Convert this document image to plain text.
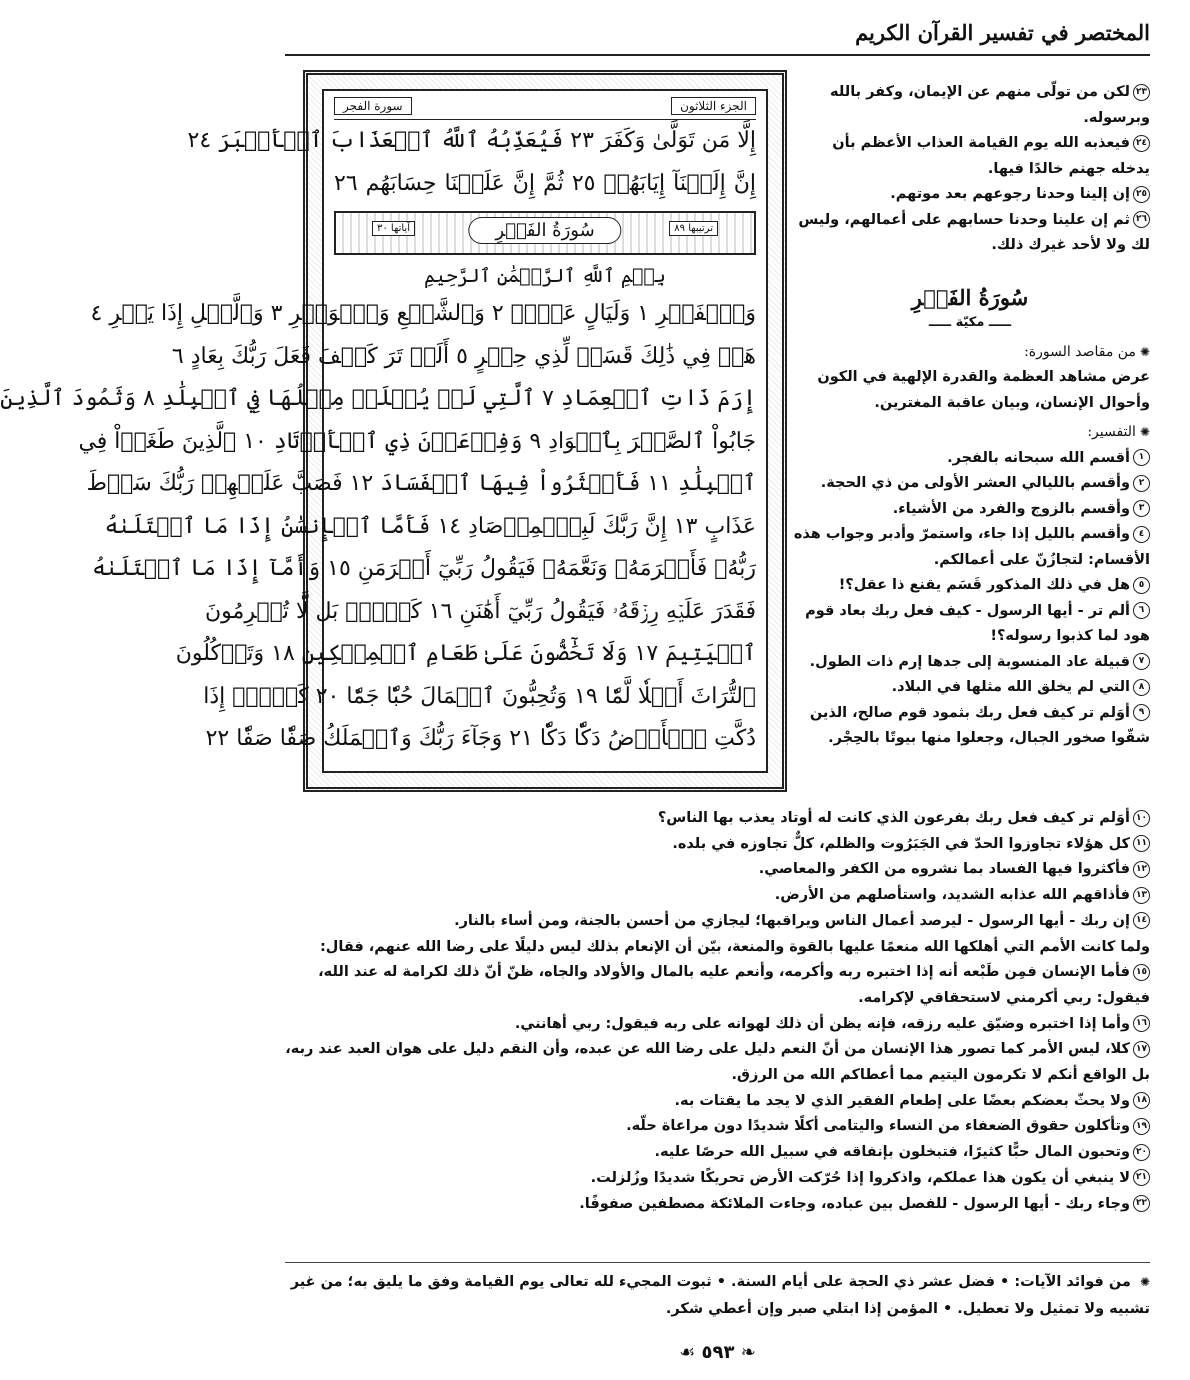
المختصر في تفسير القرآن الكريم
الجزء الثلاثون
سورة الفجر
إِلَّا مَن تَوَلَّىٰ وَكَفَرَ ٢٣ فَيُعَذِّبُهُ ٱللَّهُ ٱلۡعَذَابَ ٱلۡأَكۡبَرَ ٢٤
إِنَّ إِلَيۡنَآ إِيَابَهُمۡ ٢٥ ثُمَّ إِنَّ عَلَيۡنَا حِسَابَهُم ٢٦
ترتيبها ٨٩
سُورَةُ الفَجۡرِ
آياتها ٣٠
بِسۡمِ ٱللَّهِ ٱلرَّحۡمَٰنِ ٱلرَّحِيمِ
وَٱلۡفَجۡرِ ١ وَلَيَالٍ عَشۡرٖ ٢ وَٱلشَّفۡعِ وَٱلۡوَتۡرِ ٣ وَٱلَّيۡلِ إِذَا يَسۡرِ ٤
هَلۡ فِي ذَٰلِكَ قَسَمٞ لِّذِي حِجۡرٍ ٥ أَلَمۡ تَرَ كَيۡفَ فَعَلَ رَبُّكَ بِعَادٍ ٦
إِرَمَ ذَاتِ ٱلۡعِمَادِ ٧ ٱلَّتِي لَمۡ يُخۡلَقۡ مِثۡلُهَا فِي ٱلۡبِلَٰدِ ٨ وَثَمُودَ ٱلَّذِينَ
جَابُواْ ٱلصَّخۡرَ بِٱلۡوَادِ ٩ وَفِرۡعَوۡنَ ذِي ٱلۡأَوۡتَادِ ١٠ ٱلَّذِينَ طَغَوۡاْ فِي
ٱلۡبِلَٰدِ ١١ فَأَكۡثَرُواْ فِيهَا ٱلۡفَسَادَ ١٢ فَصَبَّ عَلَيۡهِمۡ رَبُّكَ سَوۡطَ
عَذَابٍ ١٣ إِنَّ رَبَّكَ لَبِٱلۡمِرۡصَادِ ١٤ فَأَمَّا ٱلۡإِنسَٰنُ إِذَا مَا ٱبۡتَلَىٰهُ
رَبُّهُۥ فَأَكۡرَمَهُۥ وَنَعَّمَهُۥ فَيَقُولُ رَبِّيٓ أَكۡرَمَنِ ١٥ وَأَمَّآ إِذَا مَا ٱبۡتَلَىٰهُ
فَقَدَرَ عَلَيۡهِ رِزۡقَهُۥ فَيَقُولُ رَبِّيٓ أَهَٰنَنِ ١٦ كَلَّاۖ بَل لَّا تُكۡرِمُونَ
ٱلۡيَتِيمَ ١٧ وَلَا تَحَٰٓضُّونَ عَلَىٰ طَعَامِ ٱلۡمِسۡكِينِ ١٨ وَتَأۡكُلُونَ
ٱلتُّرَاثَ أَكۡلٗا لَّمّٗا ١٩ وَتُحِبُّونَ ٱلۡمَالَ حُبّٗا جَمّٗا ٢٠ كَلَّآۖ إِذَا
دُكَّتِ ٱلۡأَرۡضُ دَكّٗا دَكّٗا ٢١ وَجَآءَ رَبُّكَ وَٱلۡمَلَكُ صَفّٗا صَفّٗا ٢٢

٢٣لكن من تولّى منهم عن الإيمان، وكفر بالله وبرسوله.

٢٤فيعذبه الله يوم القيامة العذاب الأعظم بأن يدخله جهنم خالدًا فيها.

٢٥إن إلينا وحدنا رجوعهم بعد موتهم.

٢٦ثم إن علينا وحدنا حسابهم على أعمالهم، وليس لك ولا لأحد غيرك ذلك.

سُورَةُ الفَجۡرِ
ـــــ مكيّة ـــــ
✺من مقاصد السورة:

عرض مشاهد العظمة والقدرة الإلهية في الكون وأحوال الإنسان، وبيان عاقبة المغترين.

✺التفسير:

١أقسم الله سبحانه بالفجر.

٢وأقسم بالليالي العشر الأولى من ذي الحجة.

٣وأقسم بالزوج والفرد من الأشياء.

٤وأقسم بالليل إذا جاء، واستمرّ وأدبر وجواب هذه الأقسام: لتجازُنّ على أعمالكم.

٥هل في ذلك المذكور قَسَم يقنع ذا عقل؟!

٦ألم تر - أيها الرسول - كيف فعل ربك بعاد قوم هود لما كذبوا رسوله؟!

٧قبيلة عاد المنسوبة إلى جدها إرم ذات الطول.

٨التي لم يخلق الله مثلها في البلاد.

٩أوَلم تر كيف فعل ربك بثمود قوم صالح، الذين شقّوا صخور الجبال، وجعلوا منها بيوتًا بالحِجْر.

١٠أوَلم تر كيف فعل ربك بفرعون الذي كانت له أوتاد يعذب بها الناس؟

١١كل هؤلاء تجاوزوا الحدّ في الجَبَرُوت والظلم، كلٌّ تجاوزه في بلده.

١٢فأكثروا فيها الفساد بما نشروه من الكفر والمعاصي.

١٣فأذاقهم الله عذابه الشديد، واستأصلهم من الأرض.

١٤إن ربك - أيها الرسول - ليرصد أعمال الناس ويراقبها؛ ليجازي من أحسن بالجنة، ومن أساء بالنار.

ولما كانت الأمم التي أهلكها الله منعمًا عليها بالقوة والمنعة، بيّن أن الإنعام بذلك ليس دليلًا على رضا الله عنهم، فقال:

١٥فأما الإنسان فمِن طَبْعه أنه إذا اختبره ربه وأكرمه، وأنعم عليه بالمال والأولاد والجاه، ظنّ أنّ ذلك لكرامة له عند الله، فيقول: ربي أكرمني لاستحقاقي لإكرامه.

١٦وأما إذا اختبره وضيّق عليه رزقه، فإنه يظن أن ذلك لهوانه على ربه فيقول: ربي أهانني.

١٧كلا، ليس الأمر كما تصور هذا الإنسان من أنّ النعم دليل على رضا الله عن عبده، وأن النقم دليل على هوان العبد عند ربه، بل الواقع أنكم لا تكرمون اليتيم مما أعطاكم الله من الرزق.

١٨ولا يحثّ بعضكم بعضًا على إطعام الفقير الذي لا يجد ما يقتات به.

١٩وتأكلون حقوق الضعفاء من النساء واليتامى أكلًا شديدًا دون مراعاة حلّه.

٢٠وتحبون المال حبًّا كثيرًا، فتبخلون بإنفاقه في سبيل الله حرصًا عليه.

٢١لا ينبغي أن يكون هذا عملكم، واذكروا إذا حُرّكت الأرض تحريكًا شديدًا وزُلزلت.

٢٢وجاء ربك - أيها الرسول - للفصل بين عباده، وجاءت الملائكة مصطفين صفوفًا.

✺ من فوائد الآيات: • فضل عشر ذي الحجة على أيام السنة. • ثبوت المجيء لله تعالى يوم القيامة وفق ما يليق به؛ من غير تشبيه ولا تمثيل ولا تعطيل. • المؤمن إذا ابتلي صبر وإن أعطي شكر.

❧ ٥٩٣ ☙
